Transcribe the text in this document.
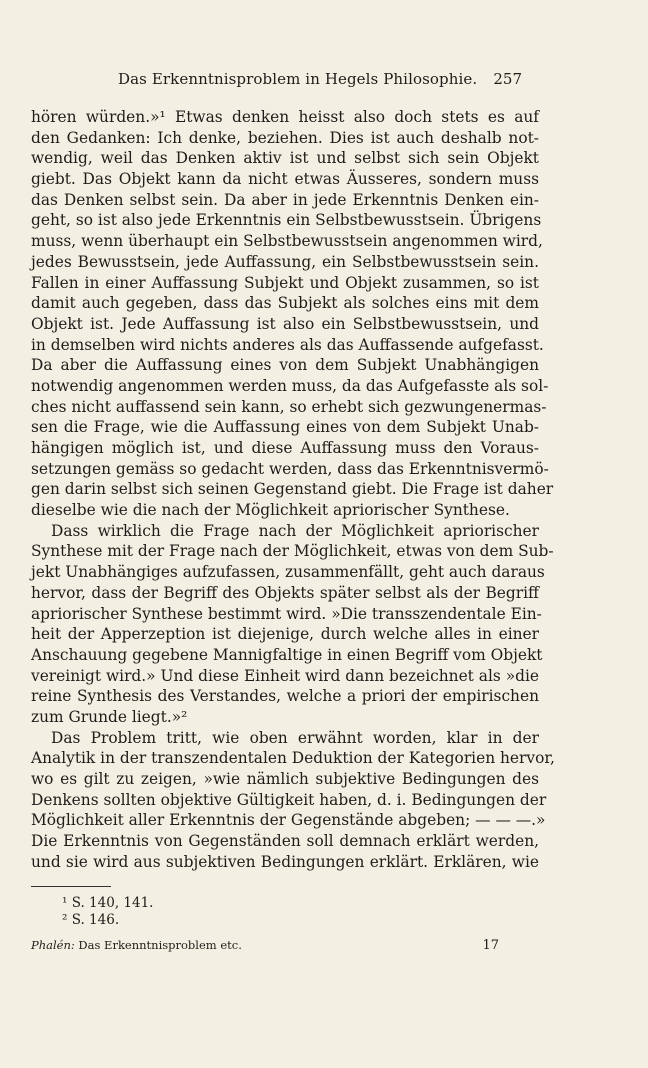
Das Erkenntnisproblem in Hegels Philosophie. 257
hören würden.»¹ Etwas denken heisst also doch stets es auf
den Gedanken: Ich denke, beziehen. Dies ist auch deshalb not-
wendig, weil das Denken aktiv ist und selbst sich sein Objekt
giebt. Das Objekt kann da nicht etwas Äusseres, sondern muss
das Denken selbst sein. Da aber in jede Erkenntnis Denken ein-
geht, so ist also jede Erkenntnis ein Selbstbewusstsein. Übrigens
muss, wenn überhaupt ein Selbstbewusstsein angenommen wird,
jedes Bewusstsein, jede Auffassung, ein Selbstbewusstsein sein.
Fallen in einer Auffassung Subjekt und Objekt zusammen, so ist
damit auch gegeben, dass das Subjekt als solches eins mit dem
Objekt ist. Jede Auffassung ist also ein Selbstbewusstsein, und
in demselben wird nichts anderes als das Auffassende aufgefasst.
Da aber die Auffassung eines von dem Subjekt Unabhängigen
notwendig angenommen werden muss, da das Aufgefasste als sol-
ches nicht auffassend sein kann, so erhebt sich gezwungenermas-
sen die Frage, wie die Auffassung eines von dem Subjekt Unab-
hängigen möglich ist, und diese Auffassung muss den Voraus-
setzungen gemäss so gedacht werden, dass das Erkenntnisvermö-
gen darin selbst sich seinen Gegenstand giebt. Die Frage ist daher
dieselbe wie die nach der Möglichkeit apriorischer Synthese.
Dass wirklich die Frage nach der Möglichkeit apriorischer
Synthese mit der Frage nach der Möglichkeit, etwas von dem Sub-
jekt Unabhängiges aufzufassen, zusammenfällt, geht auch daraus
hervor, dass der Begriff des Objekts später selbst als der Begriff
apriorischer Synthese bestimmt wird. »Die transszendentale Ein-
heit der Apperzeption ist diejenige, durch welche alles in einer
Anschauung gegebene Mannigfaltige in einen Begriff vom Objekt
vereinigt wird.» Und diese Einheit wird dann bezeichnet als »die
reine Synthesis des Verstandes, welche a priori der empirischen
zum Grunde liegt.»²
Das Problem tritt, wie oben erwähnt worden, klar in der
Analytik in der transzendentalen Deduktion der Kategorien hervor,
wo es gilt zu zeigen, »wie nämlich subjektive Bedingungen des
Denkens sollten objektive Gültigkeit haben, d. i. Bedingungen der
Möglichkeit aller Erkenntnis der Gegenstände abgeben; — — —.»
Die Erkenntnis von Gegenständen soll demnach erklärt werden,
und sie wird aus subjektiven Bedingungen erklärt. Erklären, wie
¹ S. 140, 141.
² S. 146.
Phalén: Das Erkenntnisproblem etc.	17
